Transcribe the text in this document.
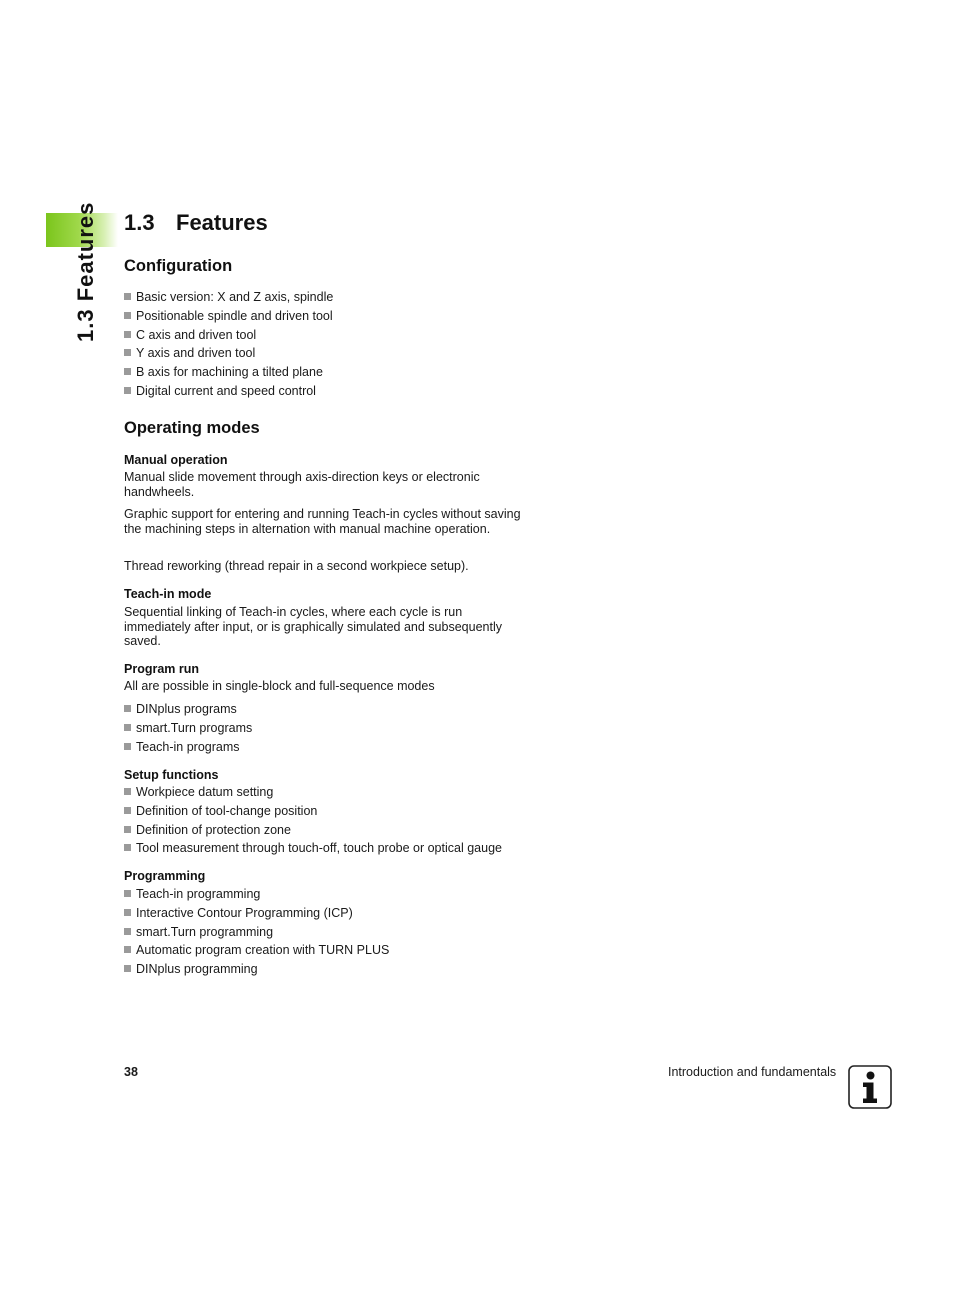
1.3 Features 1.3 Features
Configuration
Basic version: X and Z axis, spindle
Positionable spindle and driven tool
C axis and driven tool
Y axis and driven tool
B axis for machining a tilted plane
Digital current and speed control
Operating modes
Manual operation

Manual slide movement through axis-direction keys or electronic handwheels.

Graphic support for entering and running Teach-in cycles without saving the machining steps in alternation with manual machine operation.

Thread reworking (thread repair in a second workpiece setup).

Teach-in mode

Sequential linking of Teach-in cycles, where each cycle is run immediately after input, or is graphically simulated and subsequently saved.

Program run

All are possible in single-block and full-sequence modes

DINplus programs
smart.Turn programs
Teach-in programs
Setup functions
Workpiece datum setting
Definition of tool-change position
Definition of protection zone
Tool measurement through touch-off, touch probe or optical gauge
Programming
Teach-in programming
Interactive Contour Programming (ICP)
smart.Turn programming
Automatic program creation with TURN PLUS
DINplus programming
38	Introduction and fundamentals
